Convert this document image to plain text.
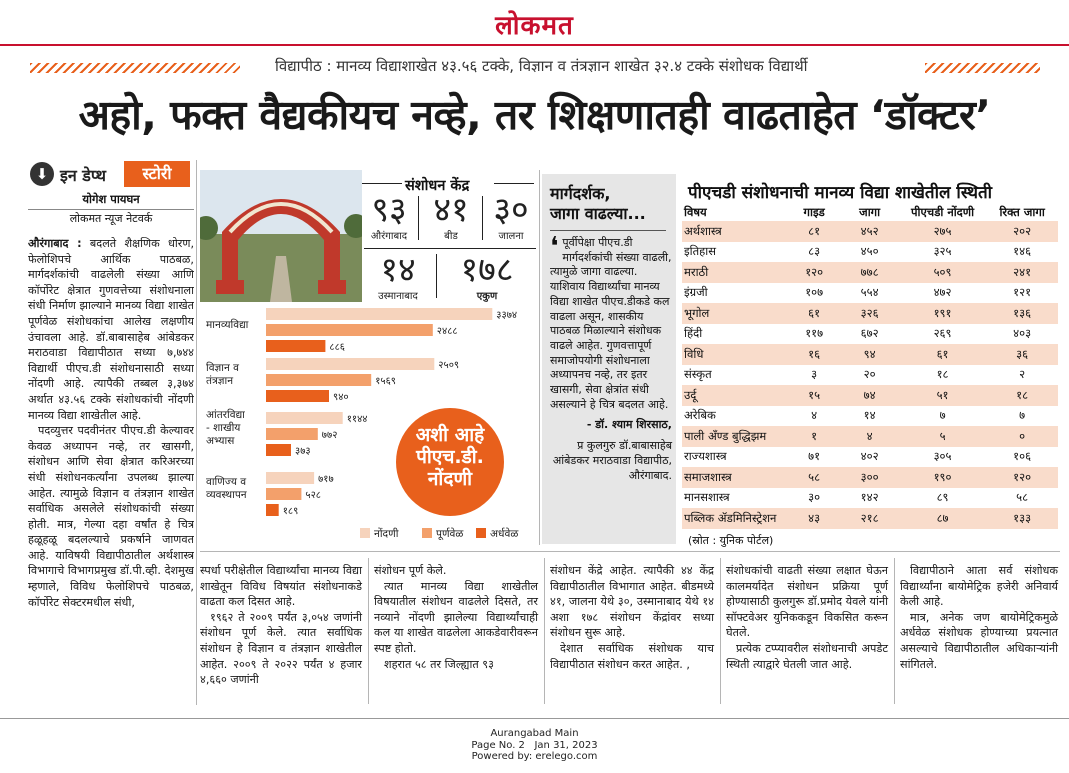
लोकमत
विद्यापीठ : मानव्य विद्याशाखेत ४३.५६ टक्के, विज्ञान व तंत्रज्ञान शाखेत ३२.४ टक्के संशोधक विद्यार्थी
अहो, फक्त वैद्यकीयच नव्हे, तर शिक्षणातही वाढताहेत ‘डॉक्टर’
⬇ इन डेप्थ	स्टोरी
योगेश पायघन
लोकमत न्यूज नेटवर्क
औरंगाबाद : बदलते शैक्षणिक धोरण, फेलोशिपचे आर्थिक पाठबळ, मार्गदर्शकांची वाढलेली संख्या आणि कॉर्पोरेट क्षेत्रात गुणवत्तेच्या संशोधनाला संधी निर्माण झाल्याने मानव्य विद्या शाखेत पूर्णवेळ संशोधकांचा आलेख लक्षणीय उंचावला आहे. डॉ.बाबासाहेब आंबेडकर मराठवाडा विद्यापीठात सध्या ७,७४४ विद्यार्थी पीएच.डी संशोधनासाठी सध्या नोंदणी आहे. त्यापैकी तब्बल ३,३७४ अर्थात ४३.५६ टक्के संशोधकांची नोंदणी मानव्य विद्या शाखेतील आहे.
पदव्युत्तर पदवीनंतर पीएच.डी केल्यावर केवळ अध्यापन नव्हे, तर खासगी, संशोधन आणि सेवा क्षेत्रात करिअरच्या संधी संशोधनकर्त्यांना उपलब्ध झाल्या आहेत. त्यामुळे विज्ञान व तंत्रज्ञान शाखेत सर्वाधिक असलेले संशोधकांची संख्या होती. मात्र, गेल्या दहा वर्षांत हे चित्र हळूहळू बदलल्याचे प्रकर्षाने जाणवत आहे. याविषयी विद्यापीठातील अर्थशास्त्र विभागाचे विभागप्रमुख डॉ.पी.व्ही. देशमुख म्हणाले, विविध फेलोशिपचे पाठबळ, कॉर्पोरेट सेक्टरमधील संधी,
संशोधन केंद्र
९३
औरंगाबाद
४१
बीड
३०
जालना
१४
उस्मानाबाद
१७८
एकुण
मानव्यविद्या
३३७४
२४८८
८८६
विज्ञान व तंत्रज्ञान
२५०९
१५६९
९४०
आंतरविद्या - शाखीय अभ्यास
११४४
७७२
३७३
वाणिज्य व व्यवस्थापन
७१७
५२८
१८९
नोंदणी	पूर्णवेळ	अर्धवेळ
अशी आहे
पीएच.डी.
नोंदणी
मार्गदर्शक,
जागा वाढल्या...
❛ पूर्वीपेक्षा पीएच.डी मार्गदर्शकांची संख्या वाढली, त्यामुळे जागा वाढल्या. याशिवाय विद्यार्थ्यांचा मानव्य विद्या शाखेत पीएच.डीकडे कल वाढला असून, शासकीय पाठबळ मिळाल्याने संशोधक वाढले आहेत. गुणवत्तापूर्ण समाजोपयोगी संशोधनाला अध्यापनच नव्हे, तर इतर खासगी, सेवा क्षेत्रांत संधी असल्याने हे चित्र बदलत आहे.
- डॉ. श्याम शिरसाठ,
प्र कुलगुरु डॉ.बाबासाहेब आंबेडकर मराठवाडा विद्यापीठ, औरंगाबाद.
पीएचडी संशोधनाची मानव्य विद्या शाखेतील स्थिती
विषय	गाइड	जागा	पीएचडी नोंदणी	रिक्त जागा
अर्थशास्त्र	८१	४५२	२७५	२०२
इतिहास	८३	४५०	३२५	१४६
मराठी	१२०	७७८	५०९	२४१
इंग्रजी	१०७	५५४	४७२	१२१
भूगोल	६१	३२६	१९१	१३६
हिंदी	११७	६७२	२६९	४०३
विधि	१६	९४	६१	३६
संस्कृत	३	२०	१८	२
उर्दू	१५	७४	५१	१८
अरेबिक	४	१४	७	७
पाली अँण्ड बुद्धिझम	१	४	५	०
राज्यशास्त्र	७१	४०२	३०५	१०६
समाजशास्त्र	५८	३००	१९०	१२०
मानसशास्त्र	३०	१४२	८९	५८
पब्लिक ॲडमिनिस्ट्रेशन	४३	२१८	८७	१३३
(स्रोत : युनिक पोर्टल)
स्पर्धा परीक्षेतील विद्यार्थ्यांचा मानव्य विद्या शाखेतून विविध विषयांत संशोधनाकडे वाढता कल दिसत आहे.
१९६२ ते २००९ पर्यंत ३,०५४ जणांनी संशोधन पूर्ण केले. त्यात सर्वाधिक संशोधन हे विज्ञान व तंत्रज्ञान शाखेतील आहेत. २००९ ते २०२२ पर्यंत ४ हजार ४,६६० जणांनी
संशोधन पूर्ण केले.
त्यात मानव्य विद्या शाखेतील विषयातील संशोधन वाढलेले दिसते, तर नव्याने नोंदणी झालेल्या विद्यार्थ्यांचाही कल या शाखेत वाढलेला आकडेवारीवरून स्पष्ट होतो.
शहरात ५८ तर जिल्ह्यात ९३
संशोधन केंद्रे आहेत. त्यापैकी ४४ केंद्र विद्यापीठातील विभागात आहेत. बीडमध्ये ४१, जालना येथे ३०, उस्मानाबाद येथे १४ अशा १७८ संशोधन केंद्रांवर सध्या संशोधन सुरू आहे.
देशात सर्वाधिक संशोधक याच विद्यापीठात संशोधन करत आहेत. ,
संशोधकांची वाढती संख्या लक्षात घेऊन कालमर्यादेत संशोधन प्रक्रिया पूर्ण होण्यासाठी कुलगुरू डॉ.प्रमोद येवले यांनी सॉफ्टवेअर युनिककडून विकसित करून घेतले.
प्रत्येक टप्प्यावरील संशोधनाची अपडेट स्थिती त्याद्वारे घेतली जात आहे.
विद्यापीठाने आता सर्व संशोधक विद्यार्थ्यांना बायोमेट्रिक हजेरी अनिवार्य केली आहे.
मात्र, अनेक जण बायोमेट्रिकमुळे अर्धवेळ संशोधक होण्याच्या प्रयत्नात असल्याचे विद्यापीठातील अधिकाऱ्यांनी सांगितले.
Aurangabad Main
Page No. 2 Jan 31, 2023
Powered by: erelego.com
